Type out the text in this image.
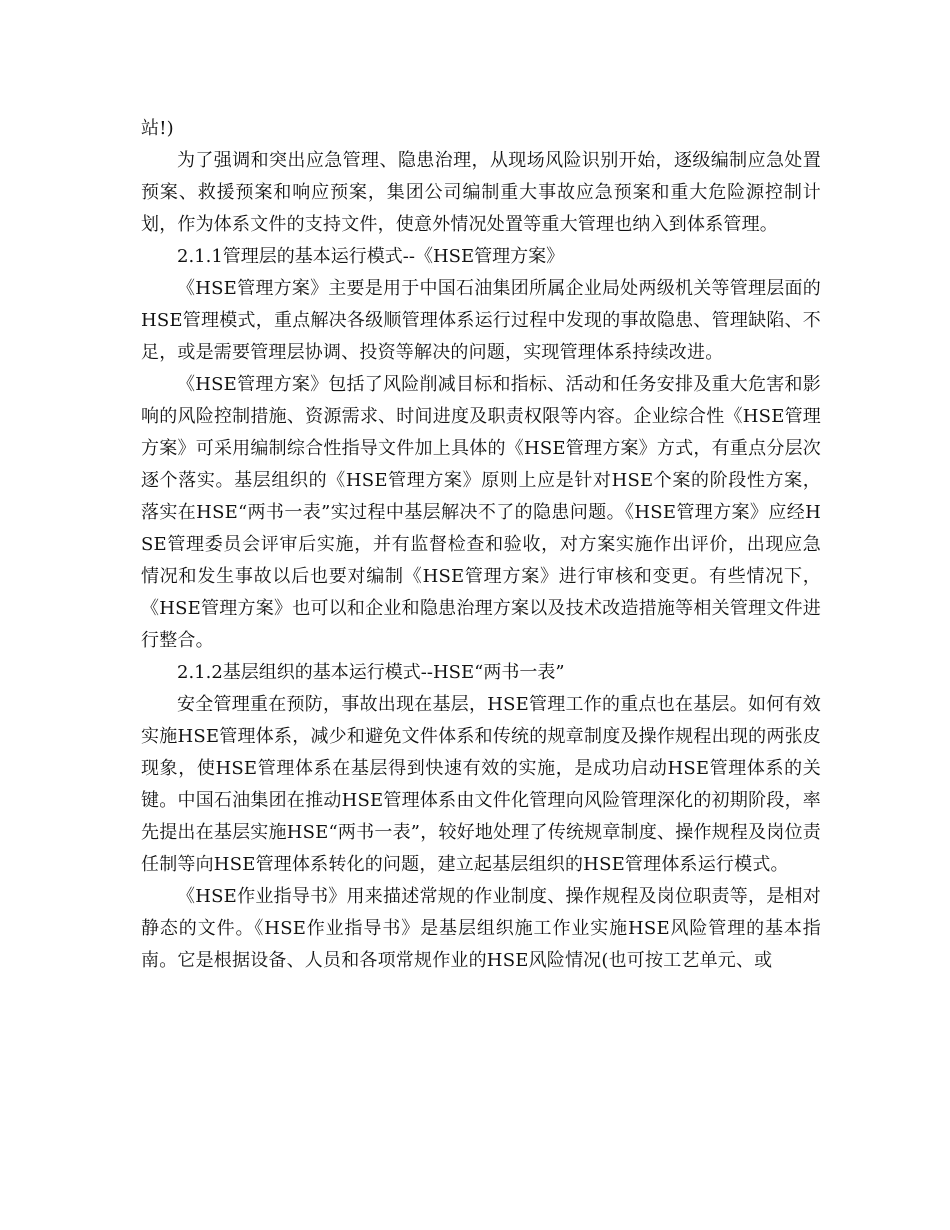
站!)

为了强调和突出应急管理、隐患治理，从现场风险识别开始，逐级编制应急处置预案、救援预案和响应预案，集团公司编制重大事故应急预案和重大危险源控制计划，作为体系文件的支持文件，使意外情况处置等重大管理也纳入到体系管理。

2.1.1管理层的基本运行模式--《HSE管理方案》

《HSE管理方案》主要是用于中国石油集团所属企业局处两级机关等管理层面的HSE管理模式，重点解决各级顺管理体系运行过程中发现的事故隐患、管理缺陷、不足，或是需要管理层协调、投资等解决的问题，实现管理体系持续改进。

《HSE管理方案》包括了风险削减目标和指标、活动和任务安排及重大危害和影响的风险控制措施、资源需求、时间进度及职责权限等内容。企业综合性《HSE管理方案》可采用编制综合性指导文件加上具体的《HSE管理方案》方式，有重点分层次逐个落实。基层组织的《HSE管理方案》原则上应是针对HSE个案的阶段性方案，落实在HSE“两书一表”实过程中基层解决不了的隐患问题。《HSE管理方案》应经HSE管理委员会评审后实施，并有监督检查和验收，对方案实施作出评价，出现应急情况和发生事故以后也要对编制《HSE管理方案》进行审核和变更。有些情况下，《HSE管理方案》也可以和企业和隐患治理方案以及技术改造措施等相关管理文件进行整合。

2.1.2基层组织的基本运行模式--HSE“两书一表”

安全管理重在预防，事故出现在基层，HSE管理工作的重点也在基层。如何有效实施HSE管理体系，减少和避免文件体系和传统的规章制度及操作规程出现的两张皮现象，使HSE管理体系在基层得到快速有效的实施，是成功启动HSE管理体系的关键。中国石油集团在推动HSE管理体系由文件化管理向风险管理深化的初期阶段，率先提出在基层实施HSE“两书一表”，较好地处理了传统规章制度、操作规程及岗位责任制等向HSE管理体系转化的问题，建立起基层组织的HSE管理体系运行模式。

《HSE作业指导书》用来描述常规的作业制度、操作规程及岗位职责等，是相对静态的文件。《HSE作业指导书》是基层组织施工作业实施HSE风险管理的基本指南。它是根据设备、人员和各项常规作业的HSE风险情况(也可按工艺单元、或
